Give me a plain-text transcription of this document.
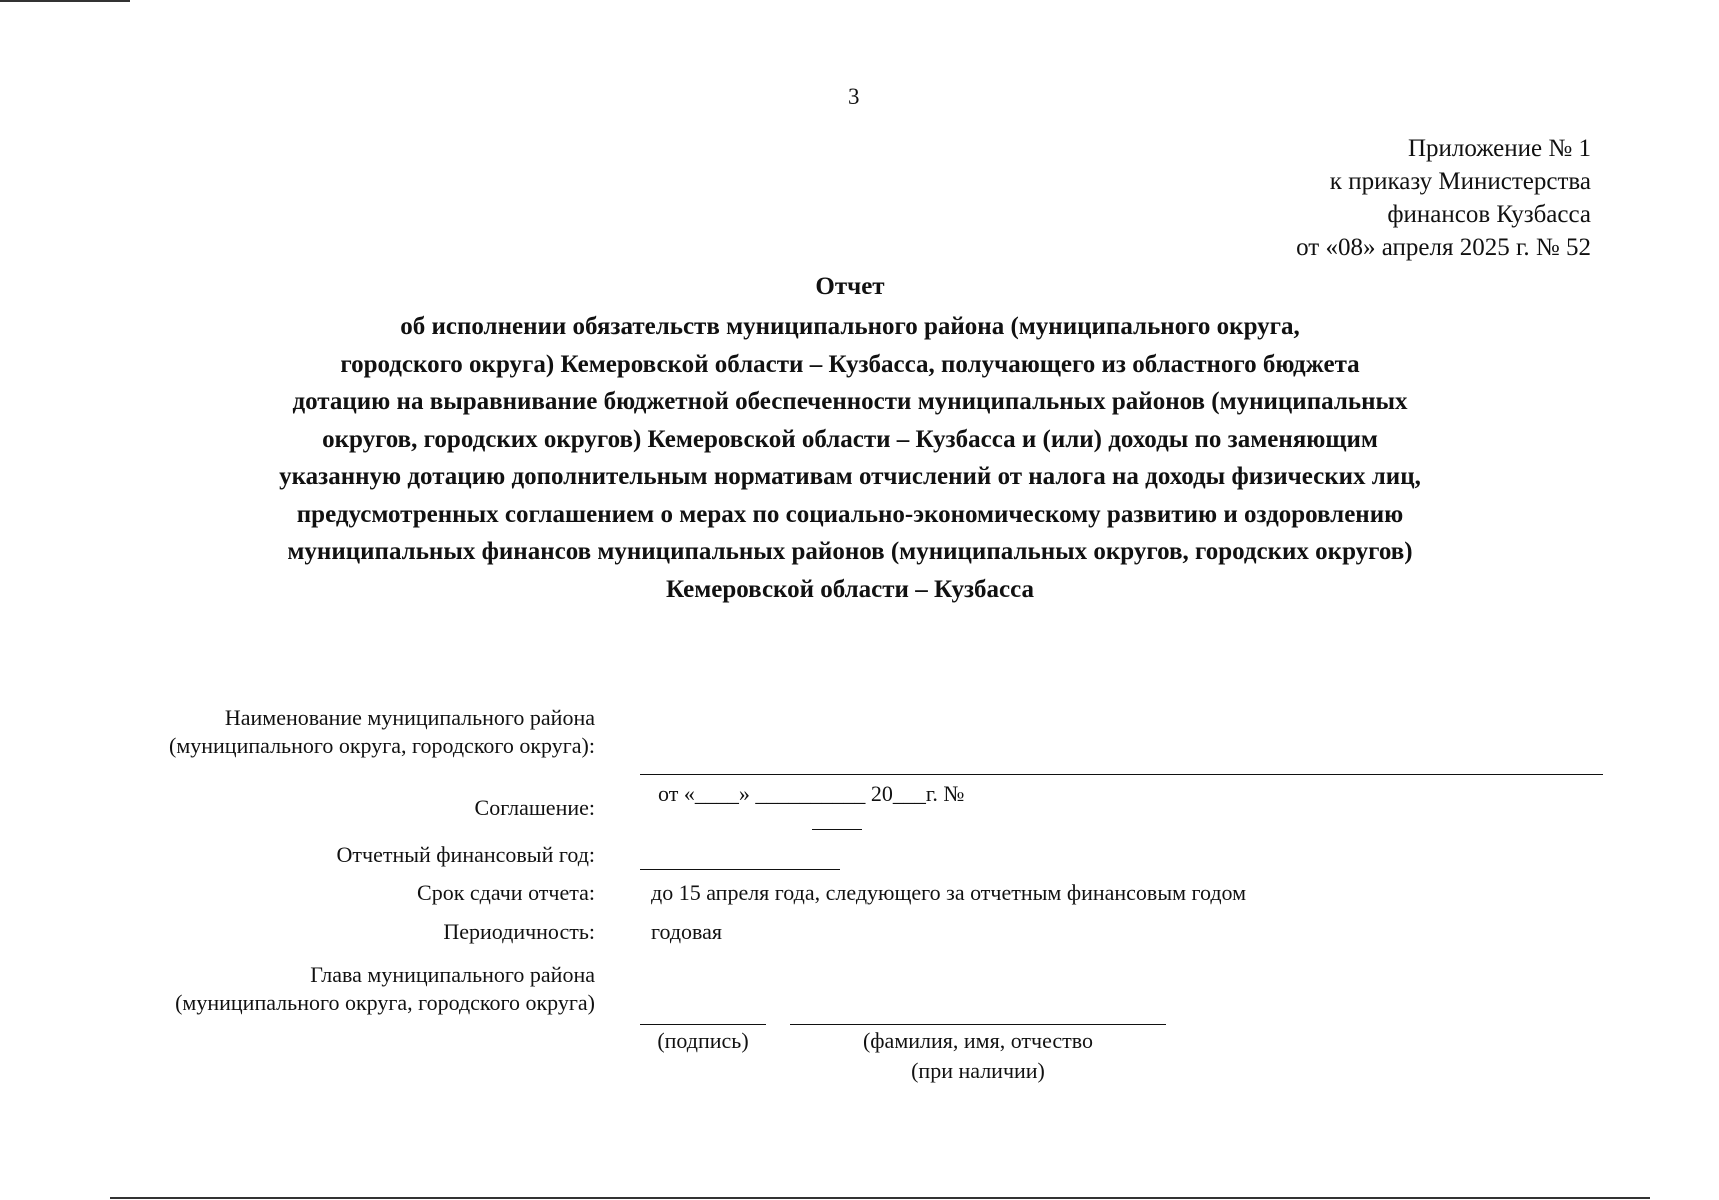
3
Приложение № 1
к приказу Министерства
финансов Кузбасса
от «08» апреля 2025 г. № 52
Отчет
об исполнении обязательств муниципального района (муниципального округа,
городского округа) Кемеровской области – Кузбасса, получающего из областного бюджета
дотацию на выравнивание бюджетной обеспеченности муниципальных районов (муниципальных
округов, городских округов) Кемеровской области – Кузбасса и (или) доходы по заменяющим
указанную дотацию дополнительным нормативам отчислений от налога на доходы физических лиц,
предусмотренных соглашением о мерах по социально-экономическому развитию и оздоровлению
муниципальных финансов муниципальных районов (муниципальных округов, городских округов)
Кемеровской области – Кузбасса
Наименование муниципального района
(муниципального округа, городского округа):
Соглашение:
от «____» __________ 20___г. №
Отчетный финансовый год:
Срок сдачи отчета:	до 15 апреля года, следующего за отчетным финансовым годом
Периодичность:	годовая
Глава муниципального района
(муниципального округа, городского округа)
(подпись)	(фамилия, имя, отчество
(при наличии)
